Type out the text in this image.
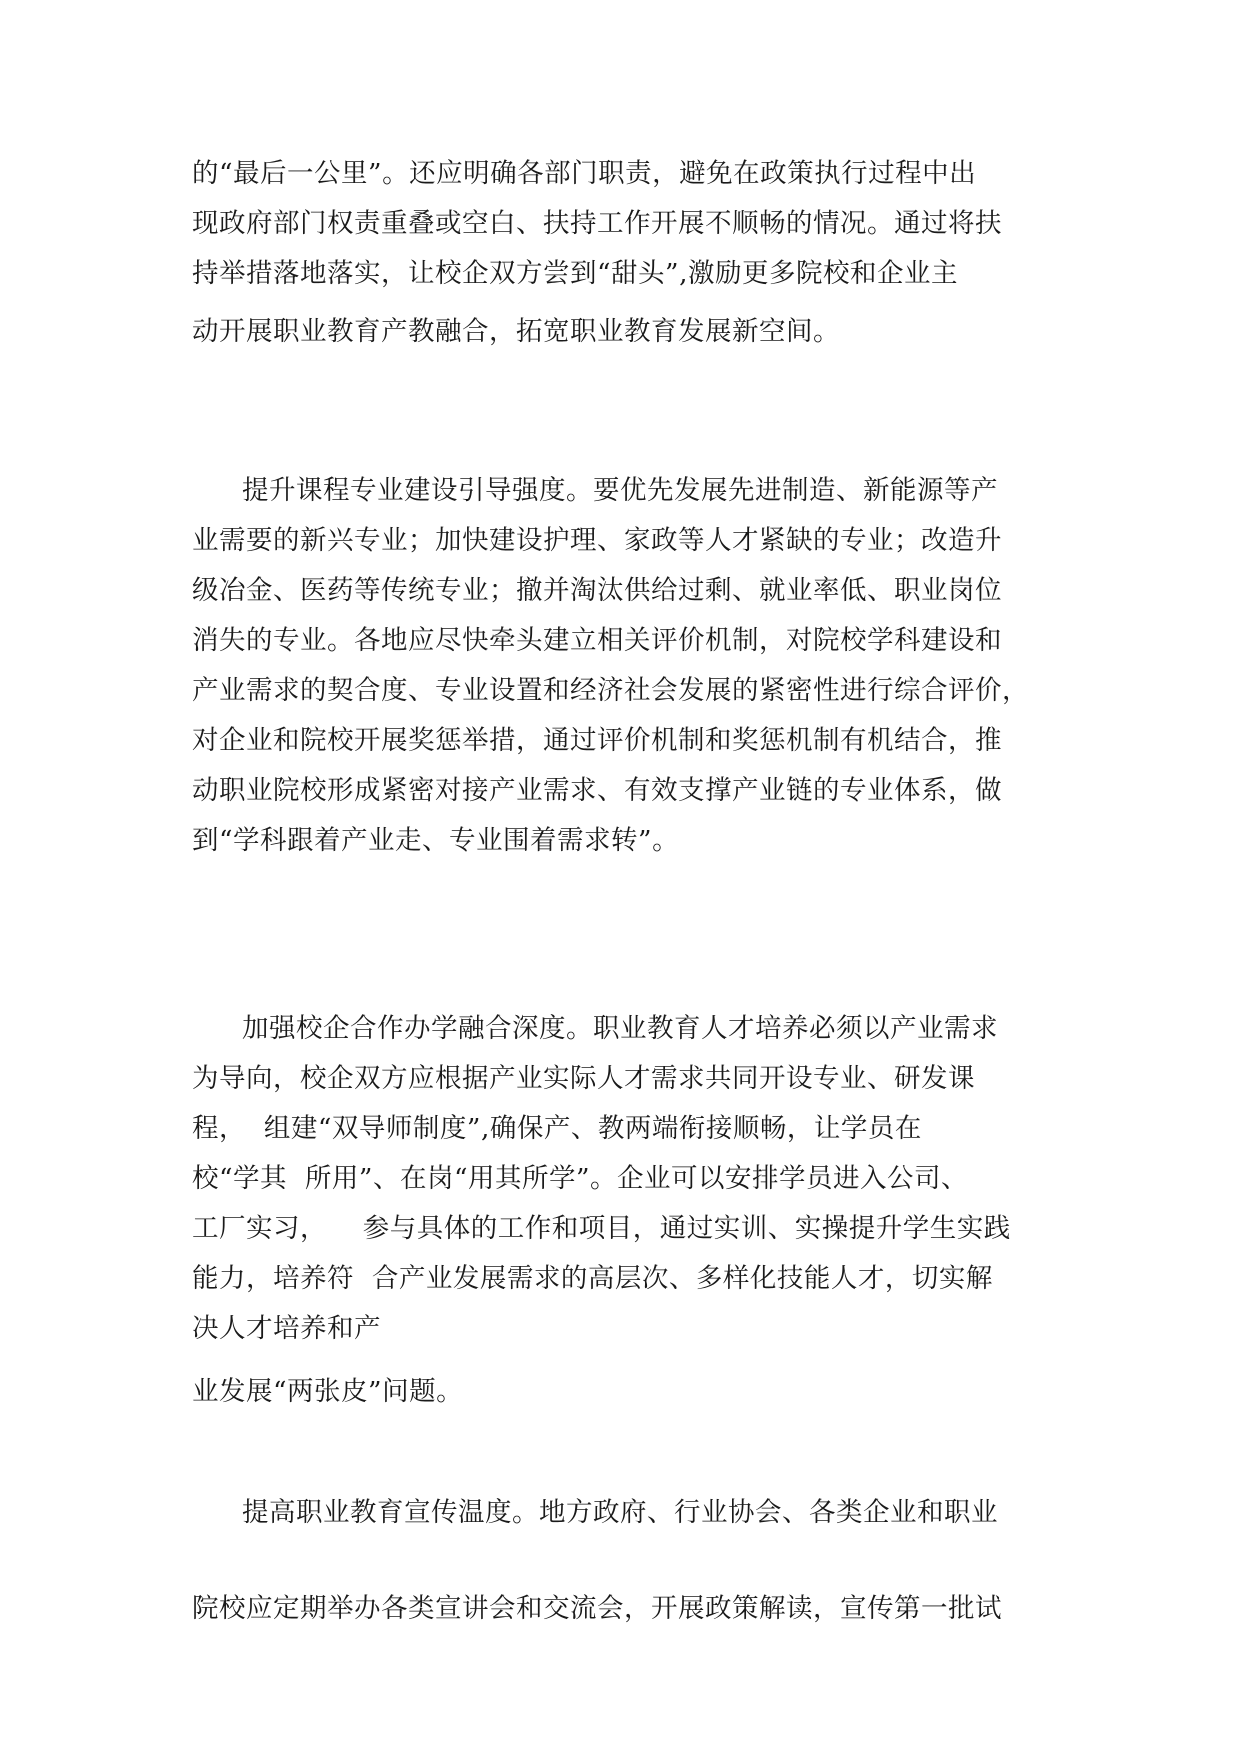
的“最后一公里”。还应明确各部门职责，避免在政策执行过程中出

现政府部门权责重叠或空白、扶持工作开展不顺畅的情况。通过将扶

持举措落地落实，让校企双方尝到“甜头”,激励更多院校和企业主

动开展职业教育产教融合，拓宽职业教育发展新空间。

提升课程专业建设引导强度。要优先发展先进制造、新能源等产

业需要的新兴专业；加快建设护理、家政等人才紧缺的专业；改造升

级冶金、医药等传统专业；撤并淘汰供给过剩、就业率低、职业岗位

消失的专业。各地应尽快牵头建立相关评价机制，对院校学科建设和

产业需求的契合度、专业设置和经济社会发展的紧密性进行综合评价，

对企业和院校开展奖惩举措，通过评价机制和奖惩机制有机结合，推

动职业院校形成紧密对接产业需求、有效支撑产业链的专业体系，做

到“学科跟着产业走、专业围着需求转”。

加强校企合作办学融合深度。职业教育人才培养必须以产业需求

为导向，校企双方应根据产业实际人才需求共同开设专业、研发课

程，  组建“双导师制度”,确保产、教两端衔接顺畅，让学员在

校“学其  所用”、在岗“用其所学”。企业可以安排学员进入公司、

工厂实习，    参与具体的工作和项目，通过实训、实操提升学生实践

能力，培养符  合产业发展需求的高层次、多样化技能人才，切实解

决人才培养和产

业发展“两张皮”问题。

提高职业教育宣传温度。地方政府、行业协会、各类企业和职业

院校应定期举办各类宣讲会和交流会，开展政策解读，宣传第一批试
